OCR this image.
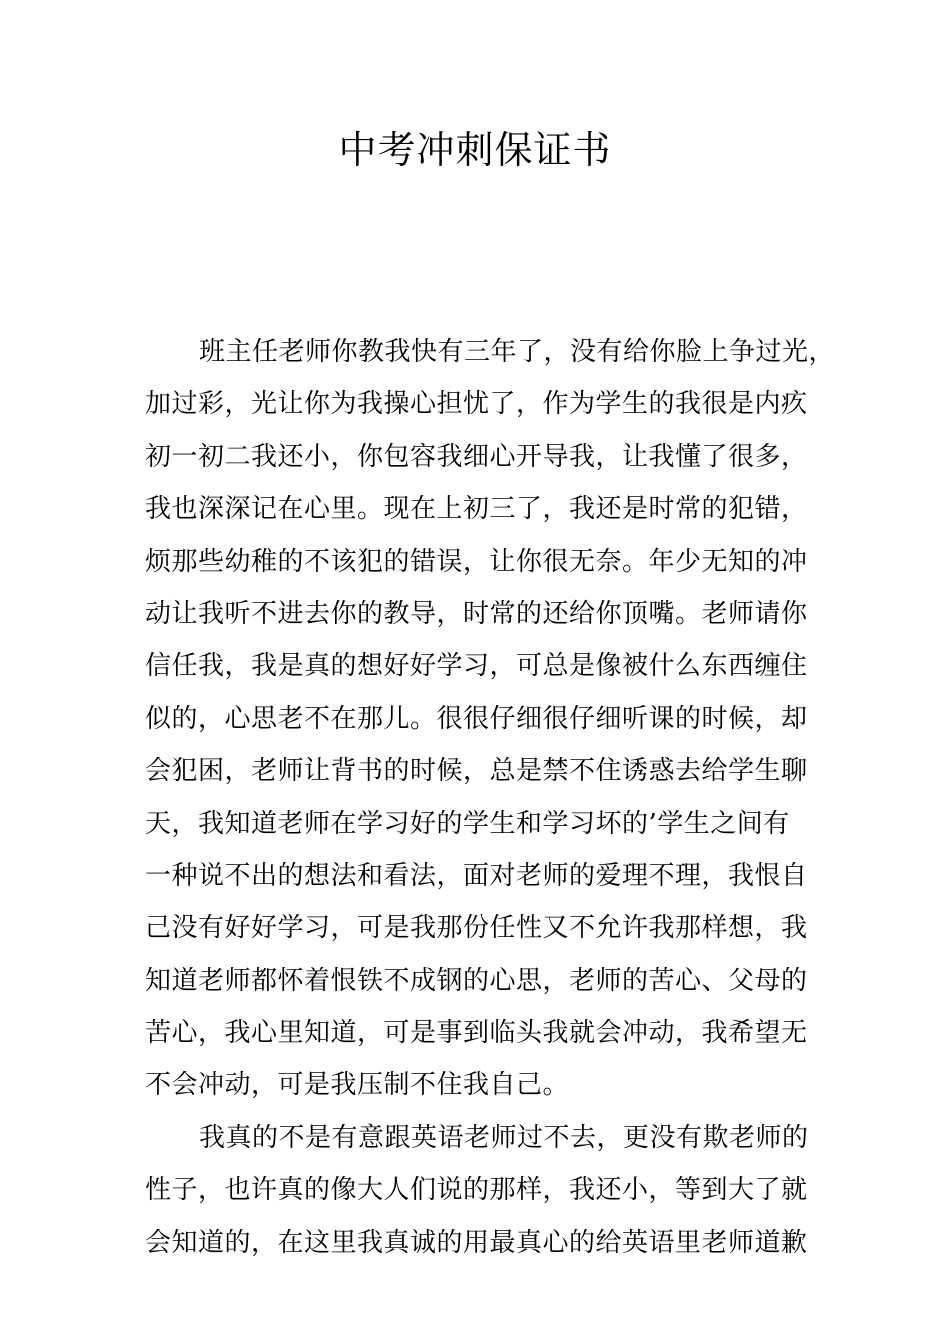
中考冲刺保证书
班主任老师你教我快有三年了，没有给你脸上争过光，
加过彩，光让你为我操心担忧了，作为学生的我很是内疚
初一初二我还小，你包容我细心开导我，让我懂了很多，
我也深深记在心里。现在上初三了，我还是时常的犯错，
烦那些幼稚的不该犯的错误，让你很无奈。年少无知的冲
动让我听不进去你的教导，时常的还给你顶嘴。老师请你
信任我，我是真的想好好学习，可总是像被什么东西缠住
似的，心思老不在那儿。很很仔细很仔细听课的时候，却
会犯困，老师让背书的时候，总是禁不住诱惑去给学生聊
天，我知道老师在学习好的学生和学习坏的’学生之间有
一种说不出的想法和看法，面对老师的爱理不理，我恨自
己没有好好学习，可是我那份任性又不允许我那样想，我
知道老师都怀着恨铁不成钢的心思，老师的苦心、父母的
苦心，我心里知道，可是事到临头我就会冲动，我希望无
不会冲动，可是我压制不住我自己。
我真的不是有意跟英语老师过不去，更没有欺老师的
性子，也许真的像大人们说的那样，我还小，等到大了就
会知道的，在这里我真诚的用最真心的给英语里老师道歉
